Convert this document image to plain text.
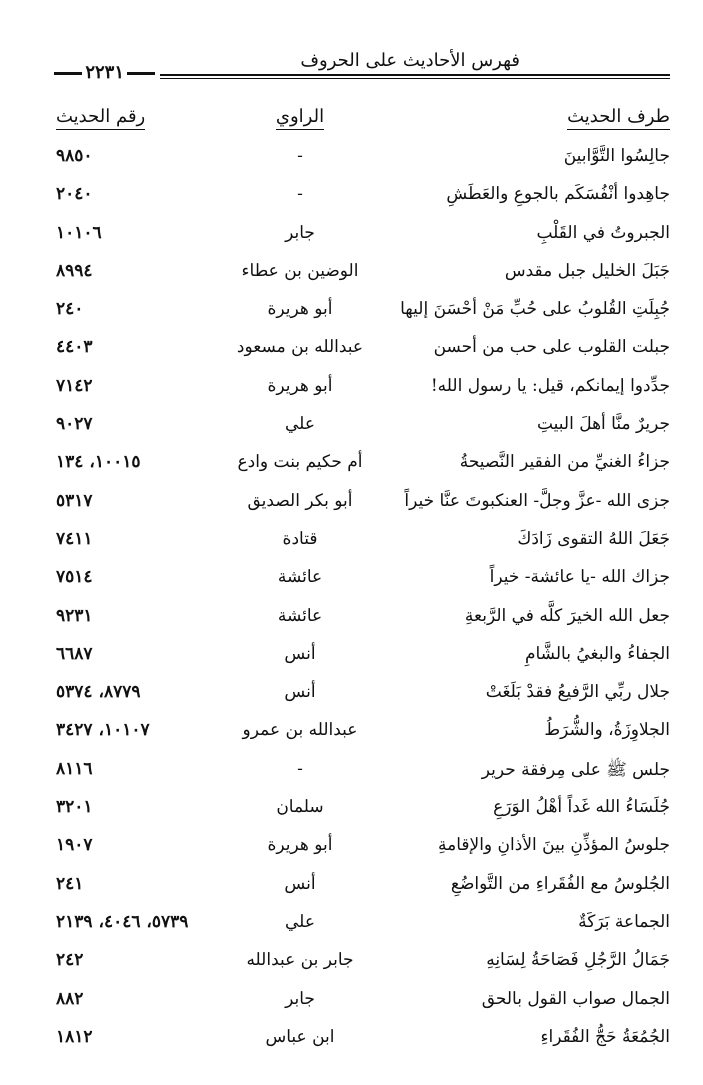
فهرس الأحاديث على الحروف
٢٢٣١
طرف الحديث
الراوي
رقم الحديث
جالِسُوا التَّوَّابينَ
-
٩٨٥٠
جاهِدوا أنْفُسَكَم بالجوعِ والعَطَشِ
-
٢٠٤٠
الجبروتُ في القَلْبِ
جابر
١٠١٠٦
جَبَلَ الخليل جبل مقدس
الوضين بن عطاء
٨٩٩٤
جُبِلَتِ القُلوبُ على حُبِّ مَنْ أحْسَنَ إليها
أبو هريرة
٢٤٠
جبلت القلوب على حب من أحسن
عبدالله بن مسعود
٤٤٠٣
جدِّدوا إيمانكم، قيل: يا رسول الله!
أبو هريرة
٧١٤٢
جريرٌ منَّا أهلَ البيتِ
علي
٩٠٢٧
جزاءُ الغنيِّ من الفقير النَّصيحةُ
أم حكيم بنت وادع
١٠٠١٥، ١٣٤
جزى الله -عزَّ وجلَّ- العنكبوتَ عنَّا خيراً
أبو بكر الصديق
٥٣١٧
جَعَلَ اللهُ التقوى زَادَكَ
قتادة
٧٤١١
جزاك الله -يا عائشة- خيراً
عائشة
٧٥١٤
جعل الله الخيرَ كلَّه في الرَّبعةِ
عائشة
٩٢٣١
الجفاءُ والبغيُ بالشَّامِ
أنس
٦٦٨٧
جلال ربِّي الرَّفيعُ فقدْ بَلَغَتْ
أنس
٨٧٧٩، ٥٣٧٤
الجلاوِزَةُ، والشُّرَطُ
عبدالله بن عمرو
١٠١٠٧، ٣٤٢٧
جلس ﷺ على مِرفقة حرير
-
٨١١٦
جُلَسَاءُ الله غَداً أهْلُ الوَرَعِ
سلمان
٣٢٠١
جلوسُ المؤذِّنِ بينَ الأذانِ والإقامةِ
أبو هريرة
١٩٠٧
الجُلوسُ مع الفُقَراءِ من التَّواضُعِ
أنس
٢٤١
الجماعة بَرَكَةٌ
علي
٥٧٣٩، ٤٠٤٦، ٢١٣٩
جَمَالُ الرَّجُلِ فَصَاحَةُ لِسَانِهِ
جابر بن عبدالله
٢٤٢
الجمال صواب القول بالحق
جابر
٨٨٢
الجُمُعَةُ حَجُّ الفُقَراءِ
ابن عباس
١٨١٢
